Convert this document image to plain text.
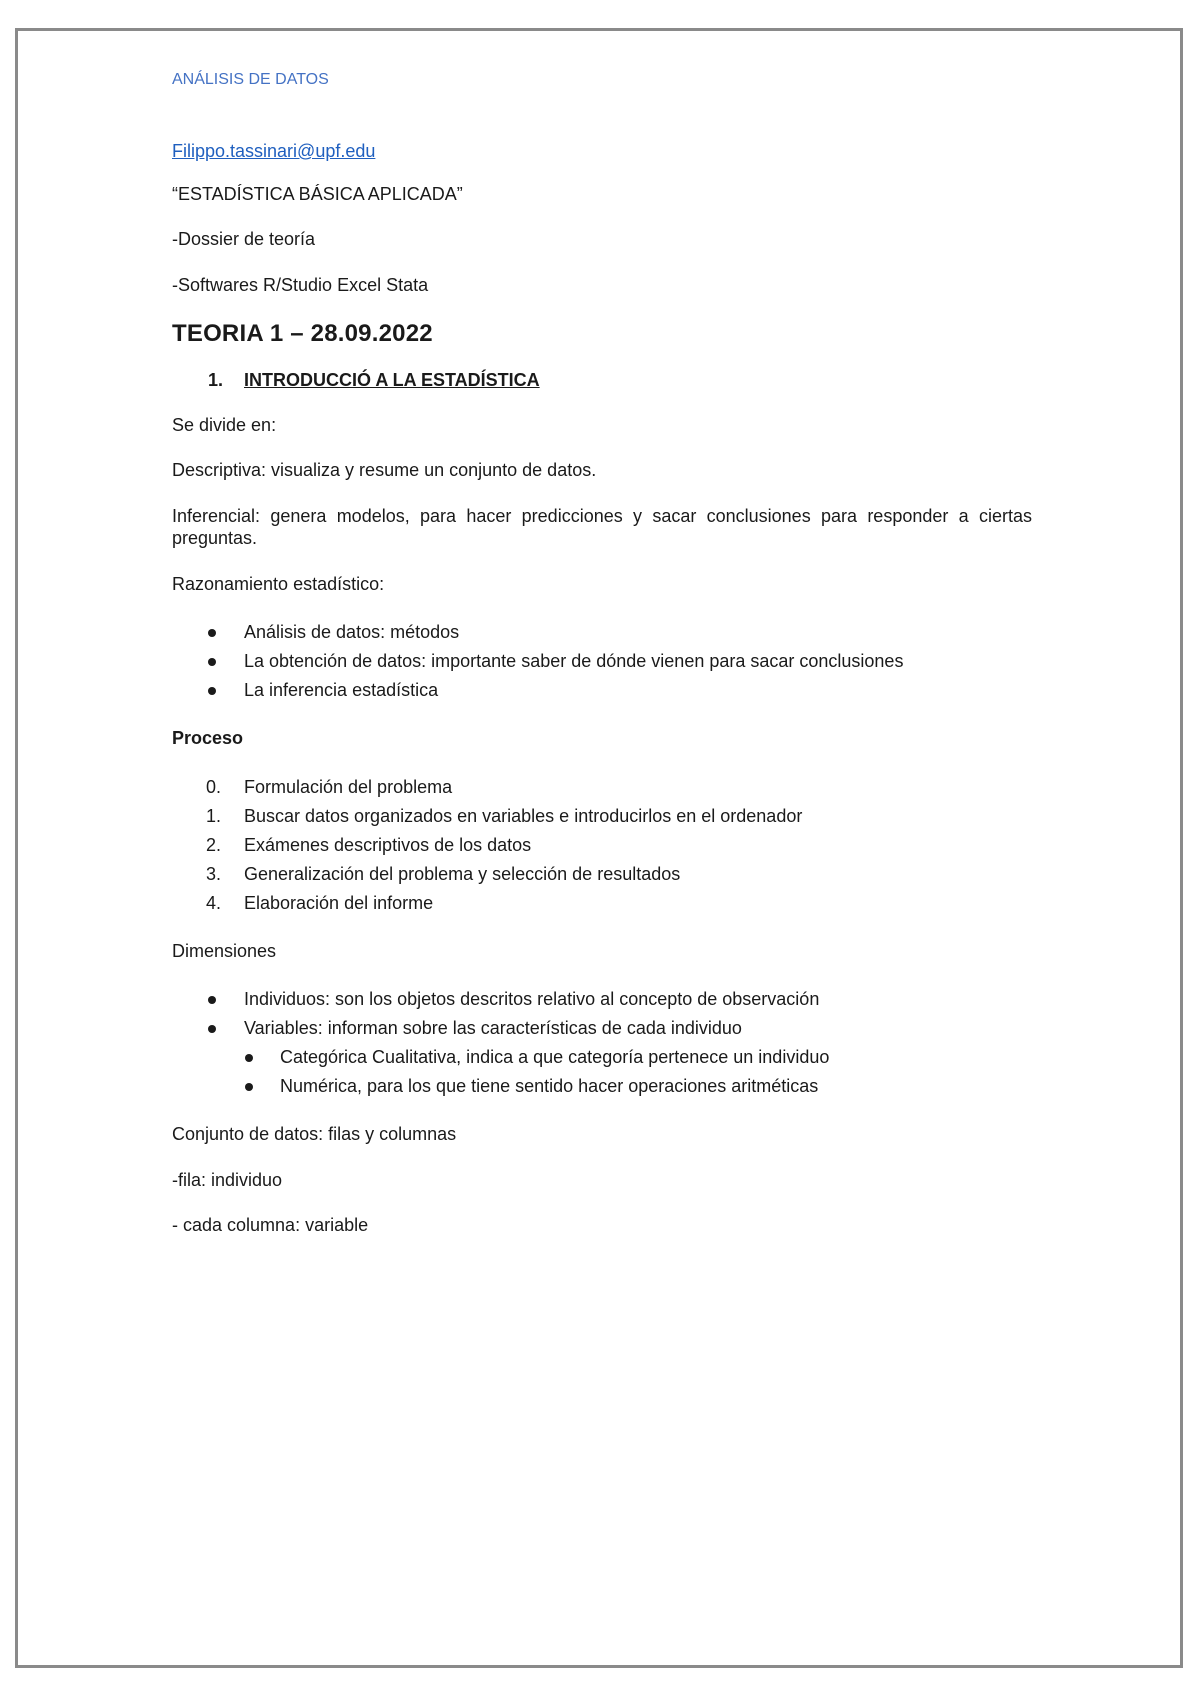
ANÁLISIS DE DATOS
Filippo.tassinari@upf.edu

“ESTADÍSTICA BÁSICA APLICADA”

-Dossier de teoría

-Softwares R/Studio Excel Stata

TEORIA 1 – 28.09.2022
1.	INTRODUCCIÓ A LA ESTADÍSTICA

Se divide en:

Descriptiva: visualiza y resume un conjunto de datos.

Inferencial: genera modelos, para hacer predicciones y sacar conclusiones para responder a ciertas preguntas.

Razonamiento estadístico:

Análisis de datos: métodos
La obtención de datos: importante saber de dónde vienen para sacar conclusiones
La inferencia estadística

Proceso

0.	Formulación del problema
1.	Buscar datos organizados en variables e introducirlos en el ordenador
2.	Exámenes descriptivos de los datos
3.	Generalización del problema y selección de resultados
4.	Elaboración del informe

Dimensiones

Individuos: son los objetos descritos relativo al concepto de observación
Variables: informan sobre las características de cada individuo
Categórica Cualitativa, indica a que categoría pertenece un individuo
Numérica, para los que tiene sentido hacer operaciones aritméticas

Conjunto de datos: filas y columnas

-fila: individuo

- cada columna: variable
